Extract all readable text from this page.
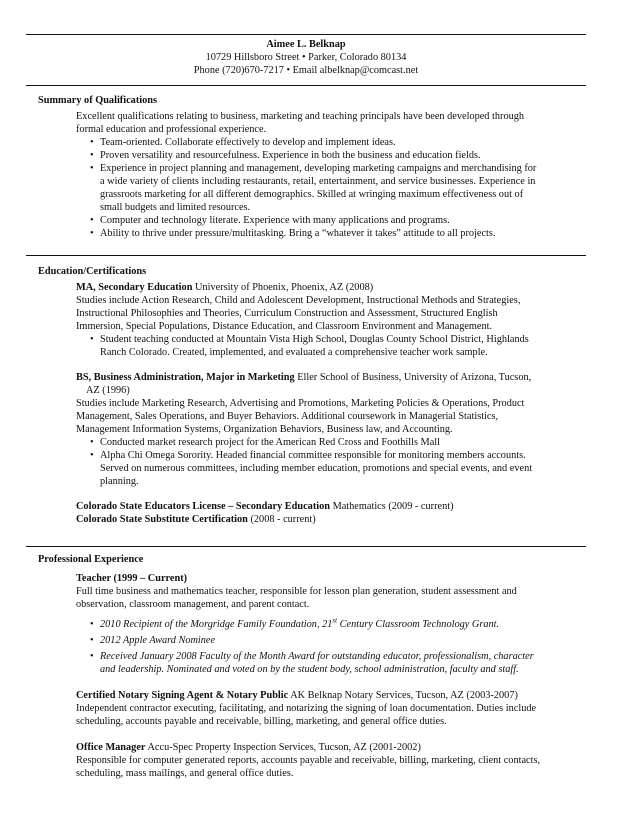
Aimee L. Belknap
10729 Hillsboro Street • Parker, Colorado 80134
Phone (720)670-7217 • Email albelknap@comcast.net
Summary of Qualifications

Excellent qualifications relating to business, marketing and teaching principals have been developed through

formal education and professional experience.

• Team-oriented. Collaborate effectively to develop and implement ideas.
• Proven versatility and resourcefulness. Experience in both the business and education fields.
• Experience in project planning and management, developing marketing campaigns and merchandising for
a wide variety of clients including restaurants, retail, entertainment, and service businesses. Experience in
grassroots marketing for all different demographics. Skilled at wringing maximum effectiveness out of
small budgets and limited resources.
• Computer and technology literate. Experience with many applications and programs.
• Ability to thrive under pressure/multitasking. Bring a “whatever it takes” attitude to all projects.
Education/Certifications

MA, Secondary Education University of Phoenix, Phoenix, AZ (2008)

Studies include Action Research, Child and Adolescent Development, Instructional Methods and Strategies,

Instructional Philosophies and Theories, Curriculum Construction and Assessment, Structured English

Immersion, Special Populations, Distance Education, and Classroom Environment and Management.

• Student teaching conducted at Mountain Vista High School, Douglas County School District, Highlands
Ranch Colorado. Created, implemented, and evaluated a comprehensive teacher work sample.

BS, Business Administration, Major in Marketing Eller School of Business, University of Arizona, Tucson,

AZ (1996)

Studies include Marketing Research, Advertising and Promotions, Marketing Policies & Operations, Product

Management, Sales Operations, and Buyer Behaviors. Additional coursework in Managerial Statistics,

Management Information Systems, Organization Behaviors, Business law, and Accounting.

• Conducted market research project for the American Red Cross and Foothills Mall
• Alpha Chi Omega Sorority. Headed financial committee responsible for monitoring members accounts.
Served on numerous committees, including member education, promotions and special events, and event
planning.

Colorado State Educators License – Secondary Education Mathematics (2009 - current)

Colorado State Substitute Certification (2008 - current)

Professional Experience

Teacher (1999 – Current)

Full time business and mathematics teacher, responsible for lesson plan generation, student assessment and

observation, classroom management, and parent contact.

• 2010 Recipient of the Morgridge Family Foundation, 21st Century Classroom Technology Grant.
• 2012 Apple Award Nominee
• Received January 2008 Faculty of the Month Award for outstanding educator, professionalism, character
and leadership. Nominated and voted on by the student body, school administration, faculty and staff.

Certified Notary Signing Agent & Notary Public AK Belknap Notary Services, Tucson, AZ (2003-2007)

Independent contractor executing, facilitating, and notarizing the signing of loan documentation. Duties include

scheduling, accounts payable and receivable, billing, marketing, and general office duties.

Office Manager Accu-Spec Property Inspection Services, Tucson, AZ (2001-2002)

Responsible for computer generated reports, accounts payable and receivable, billing, marketing, client contacts,

scheduling, mass mailings, and general office duties.
